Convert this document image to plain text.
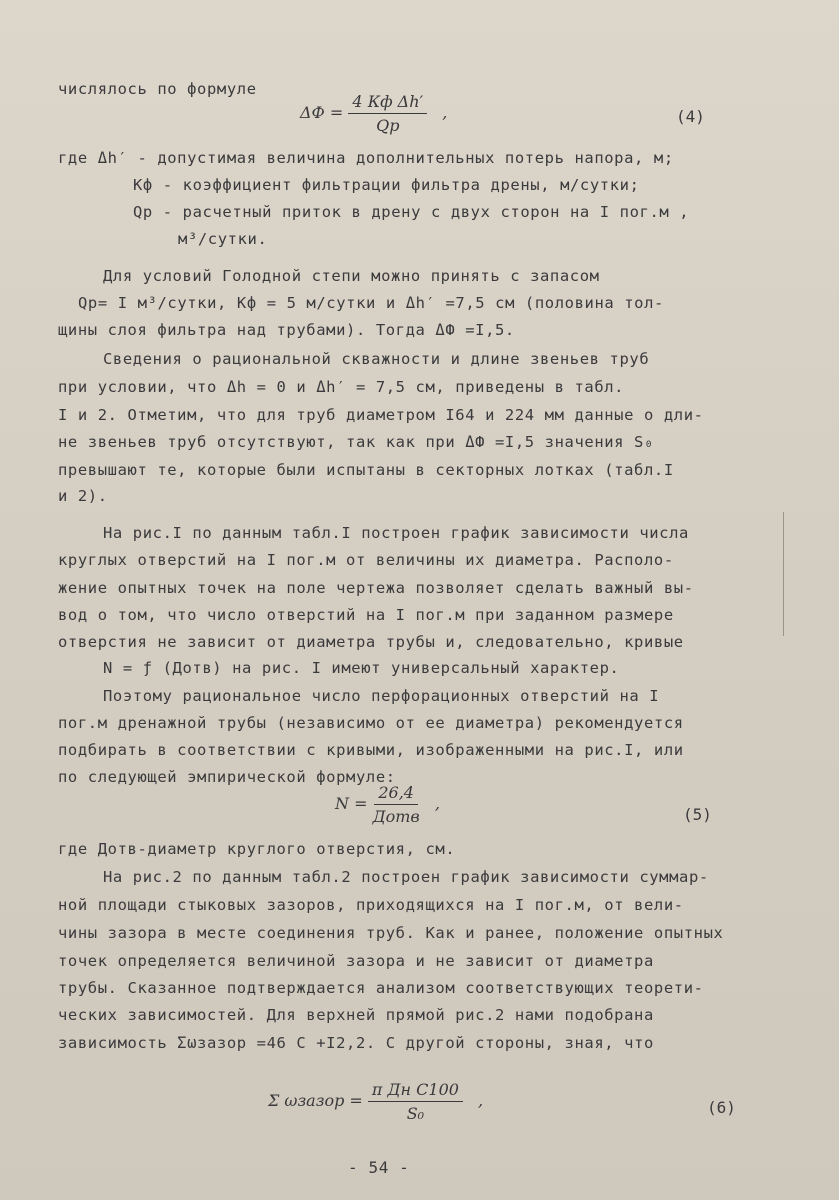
числялось по формуле
$\Delta Ф = \frac{\text{4 Кф Δh′}}{Qр}$ ,	(4)
где Δh′ - допустимая величина дополнительных потерь напора, м;
Кф - коэффициент фильтрации фильтра дрены, м/сутки;
Qр - расчетный приток в дрену с двух сторон на I пог.м ,
м³/сутки.
Для условий Голодной степи можно принять с запасом
Qр= I м³/сутки, Кф = 5 м/сутки и Δh′ =7,5 см (половина тол-
щины слоя фильтра над трубами). Тогда ΔФ =I,5.
Сведения о рациональной скважности и длине звеньев труб
при условии, что Δh = 0 и Δh′ = 7,5 см, приведены в табл.
I и 2. Отметим, что для труб диаметром I64 и 224 мм данные о дли-
не звеньев труб отсутствуют, так как при ΔФ =I,5 значения S₀
превышают те, которые были испытаны в секторных лотках (табл.I
и 2).
На рис.I по данным табл.I построен график зависимости числа
круглых отверстий на I пог.м от величины их диаметра. Располо-
жение опытных точек на поле чертежа позволяет сделать важный вы-
вод о том, что число отверстий на I пог.м при заданном размере
отверстия не зависит от диаметра трубы и, следовательно, кривые
N = ƒ (Дотв) на рис. I имеют универсальный характер.
Поэтому рациональное число перфорационных отверстий на I
пог.м дренажной трубы (независимо от ее диаметра) рекомендуется
подбирать в соответствии с кривыми, изображенными на рис.I, или
по следующей эмпирической формуле:
$N = \frac{26,4}{\text{Дотв}}$ ,
(5)
где Дотв-диаметр круглого отверстия, см.
На рис.2 по данным табл.2 построен график зависимости суммар-
ной площади стыковых зазоров, приходящихся на I пог.м, от вели-
чины зазора в месте соединения труб. Как и ранее, положение опытных
точек определяется величиной зазора и не зависит от диаметра
трубы. Сказанное подтверждается анализом соответствующих теорети-
ческих зависимостей. Для верхней прямой рис.2 нами подобрана
зависимость Σωзазор =46 С +I2,2. С другой стороны, зная, что
Σ ωзазор = $\frac{\text{π Дн С100}}{\text{S₀}}$ ,	(6)
- 54 -
